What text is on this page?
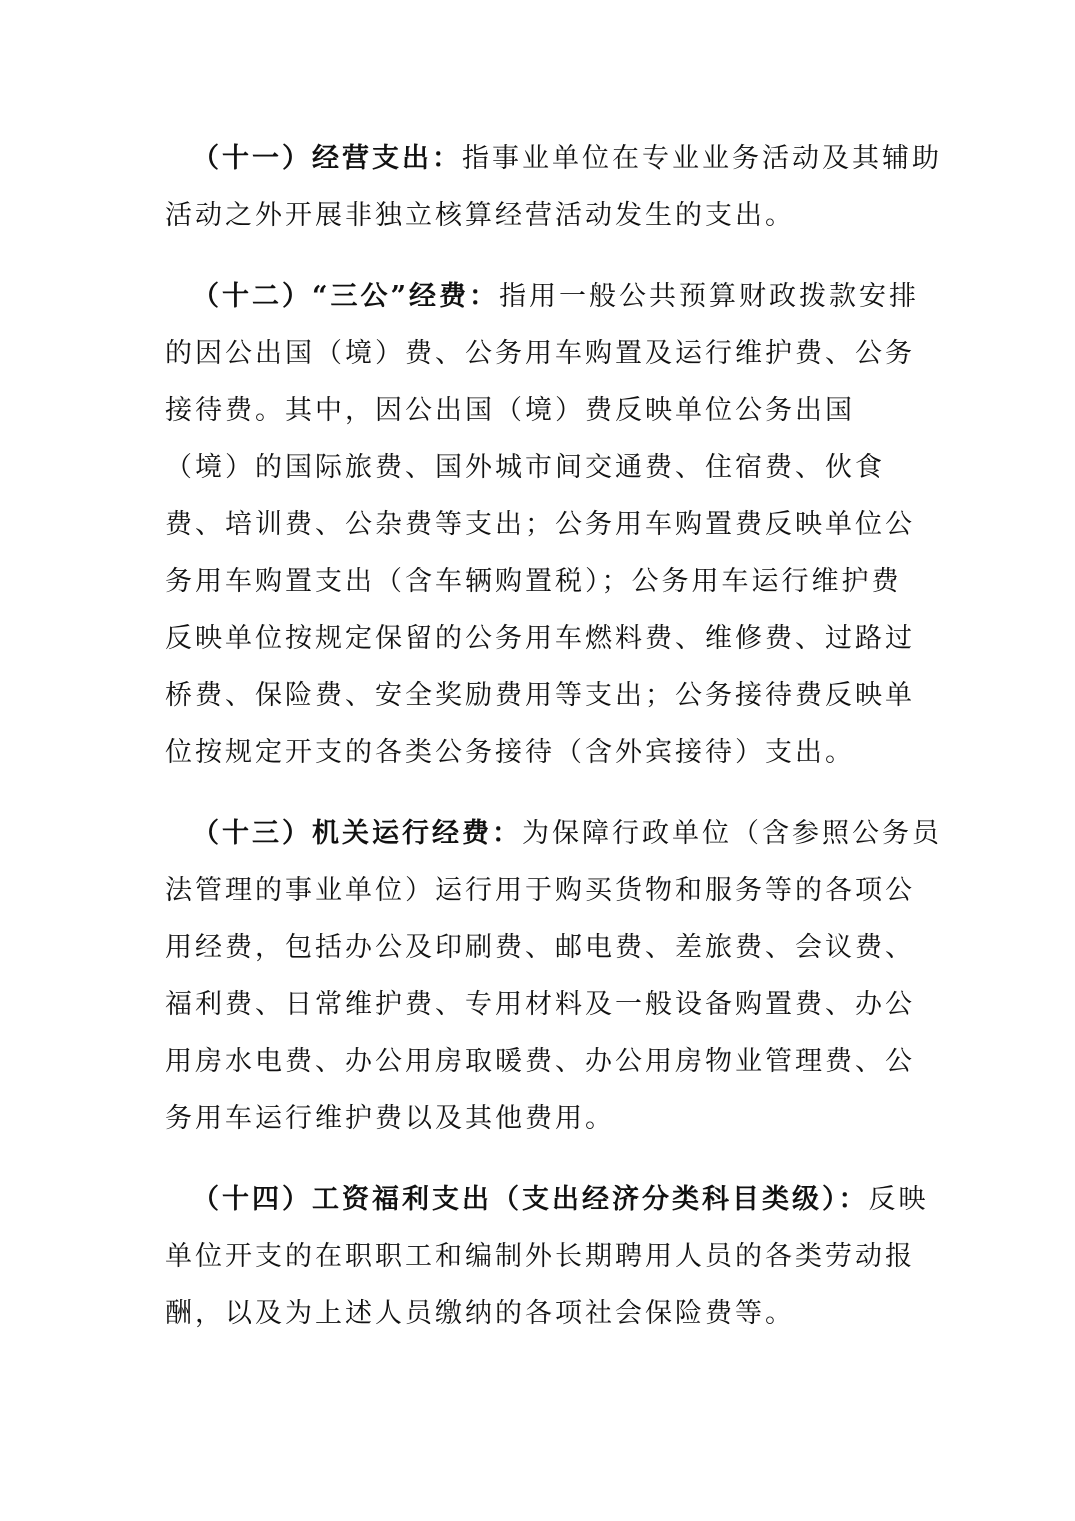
（十一）经营支出：指事业单位在专业业务活动及其辅助
活动之外开展非独立核算经营活动发生的支出。
（十二）“三公”经费：指用一般公共预算财政拨款安排
的因公出国（境）费、公务用车购置及运行维护费、公务
接待费。其中，因公出国（境）费反映单位公务出国
（境）的国际旅费、国外城市间交通费、住宿费、伙食
费、培训费、公杂费等支出；公务用车购置费反映单位公
务用车购置支出（含车辆购置税）；公务用车运行维护费
反映单位按规定保留的公务用车燃料费、维修费、过路过
桥费、保险费、安全奖励费用等支出；公务接待费反映单
位按规定开支的各类公务接待（含外宾接待）支出。
（十三）机关运行经费：为保障行政单位（含参照公务员
法管理的事业单位）运行用于购买货物和服务等的各项公
用经费，包括办公及印刷费、邮电费、差旅费、会议费、
福利费、日常维护费、专用材料及一般设备购置费、办公
用房水电费、办公用房取暖费、办公用房物业管理费、公
务用车运行维护费以及其他费用。
（十四）工资福利支出（支出经济分类科目类级）：反映
单位开支的在职职工和编制外长期聘用人员的各类劳动报
酬，以及为上述人员缴纳的各项社会保险费等。
